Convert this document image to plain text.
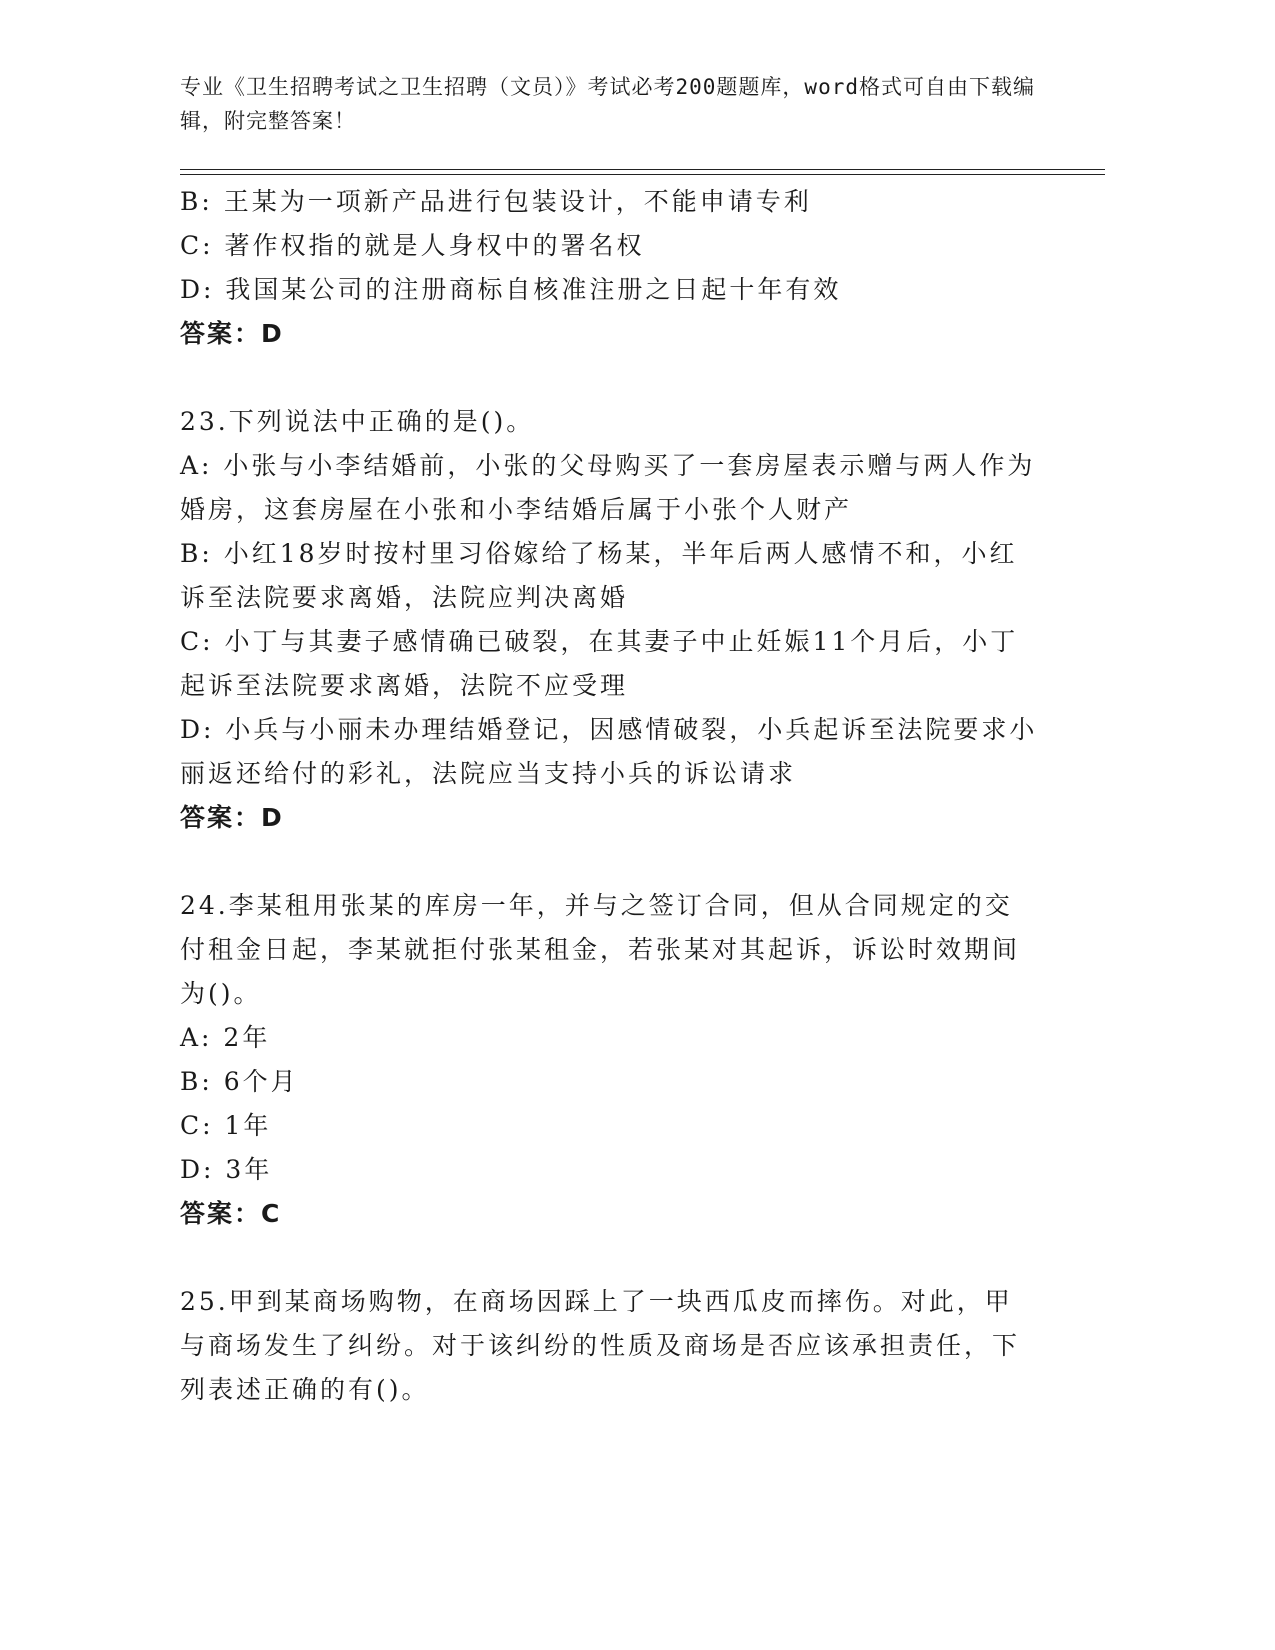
专业《卫生招聘考试之卫生招聘（文员）》考试必考200题题库，word格式可自由下载编辑，附完整答案！

B: 王某为一项新产品进行包装设计，不能申请专利

C: 著作权指的就是人身权中的署名权

D: 我国某公司的注册商标自核准注册之日起十年有效

答案：D

23.下列说法中正确的是()。

A: 小张与小李结婚前，小张的父母购买了一套房屋表示赠与两人作为婚房，这套房屋在小张和小李结婚后属于小张个人财产

B: 小红18岁时按村里习俗嫁给了杨某，半年后两人感情不和，小红诉至法院要求离婚，法院应判决离婚

C: 小丁与其妻子感情确已破裂，在其妻子中止妊娠11个月后，小丁起诉至法院要求离婚，法院不应受理

D: 小兵与小丽未办理结婚登记，因感情破裂，小兵起诉至法院要求小丽返还给付的彩礼，法院应当支持小兵的诉讼请求

答案：D

24.李某租用张某的库房一年，并与之签订合同，但从合同规定的交付租金日起，李某就拒付张某租金，若张某对其起诉，诉讼时效期间为()。

A: 2年

B: 6个月

C: 1年

D: 3年

答案：C

25.甲到某商场购物，在商场因踩上了一块西瓜皮而摔伤。对此，甲与商场发生了纠纷。对于该纠纷的性质及商场是否应该承担责任，下列表述正确的有()。
